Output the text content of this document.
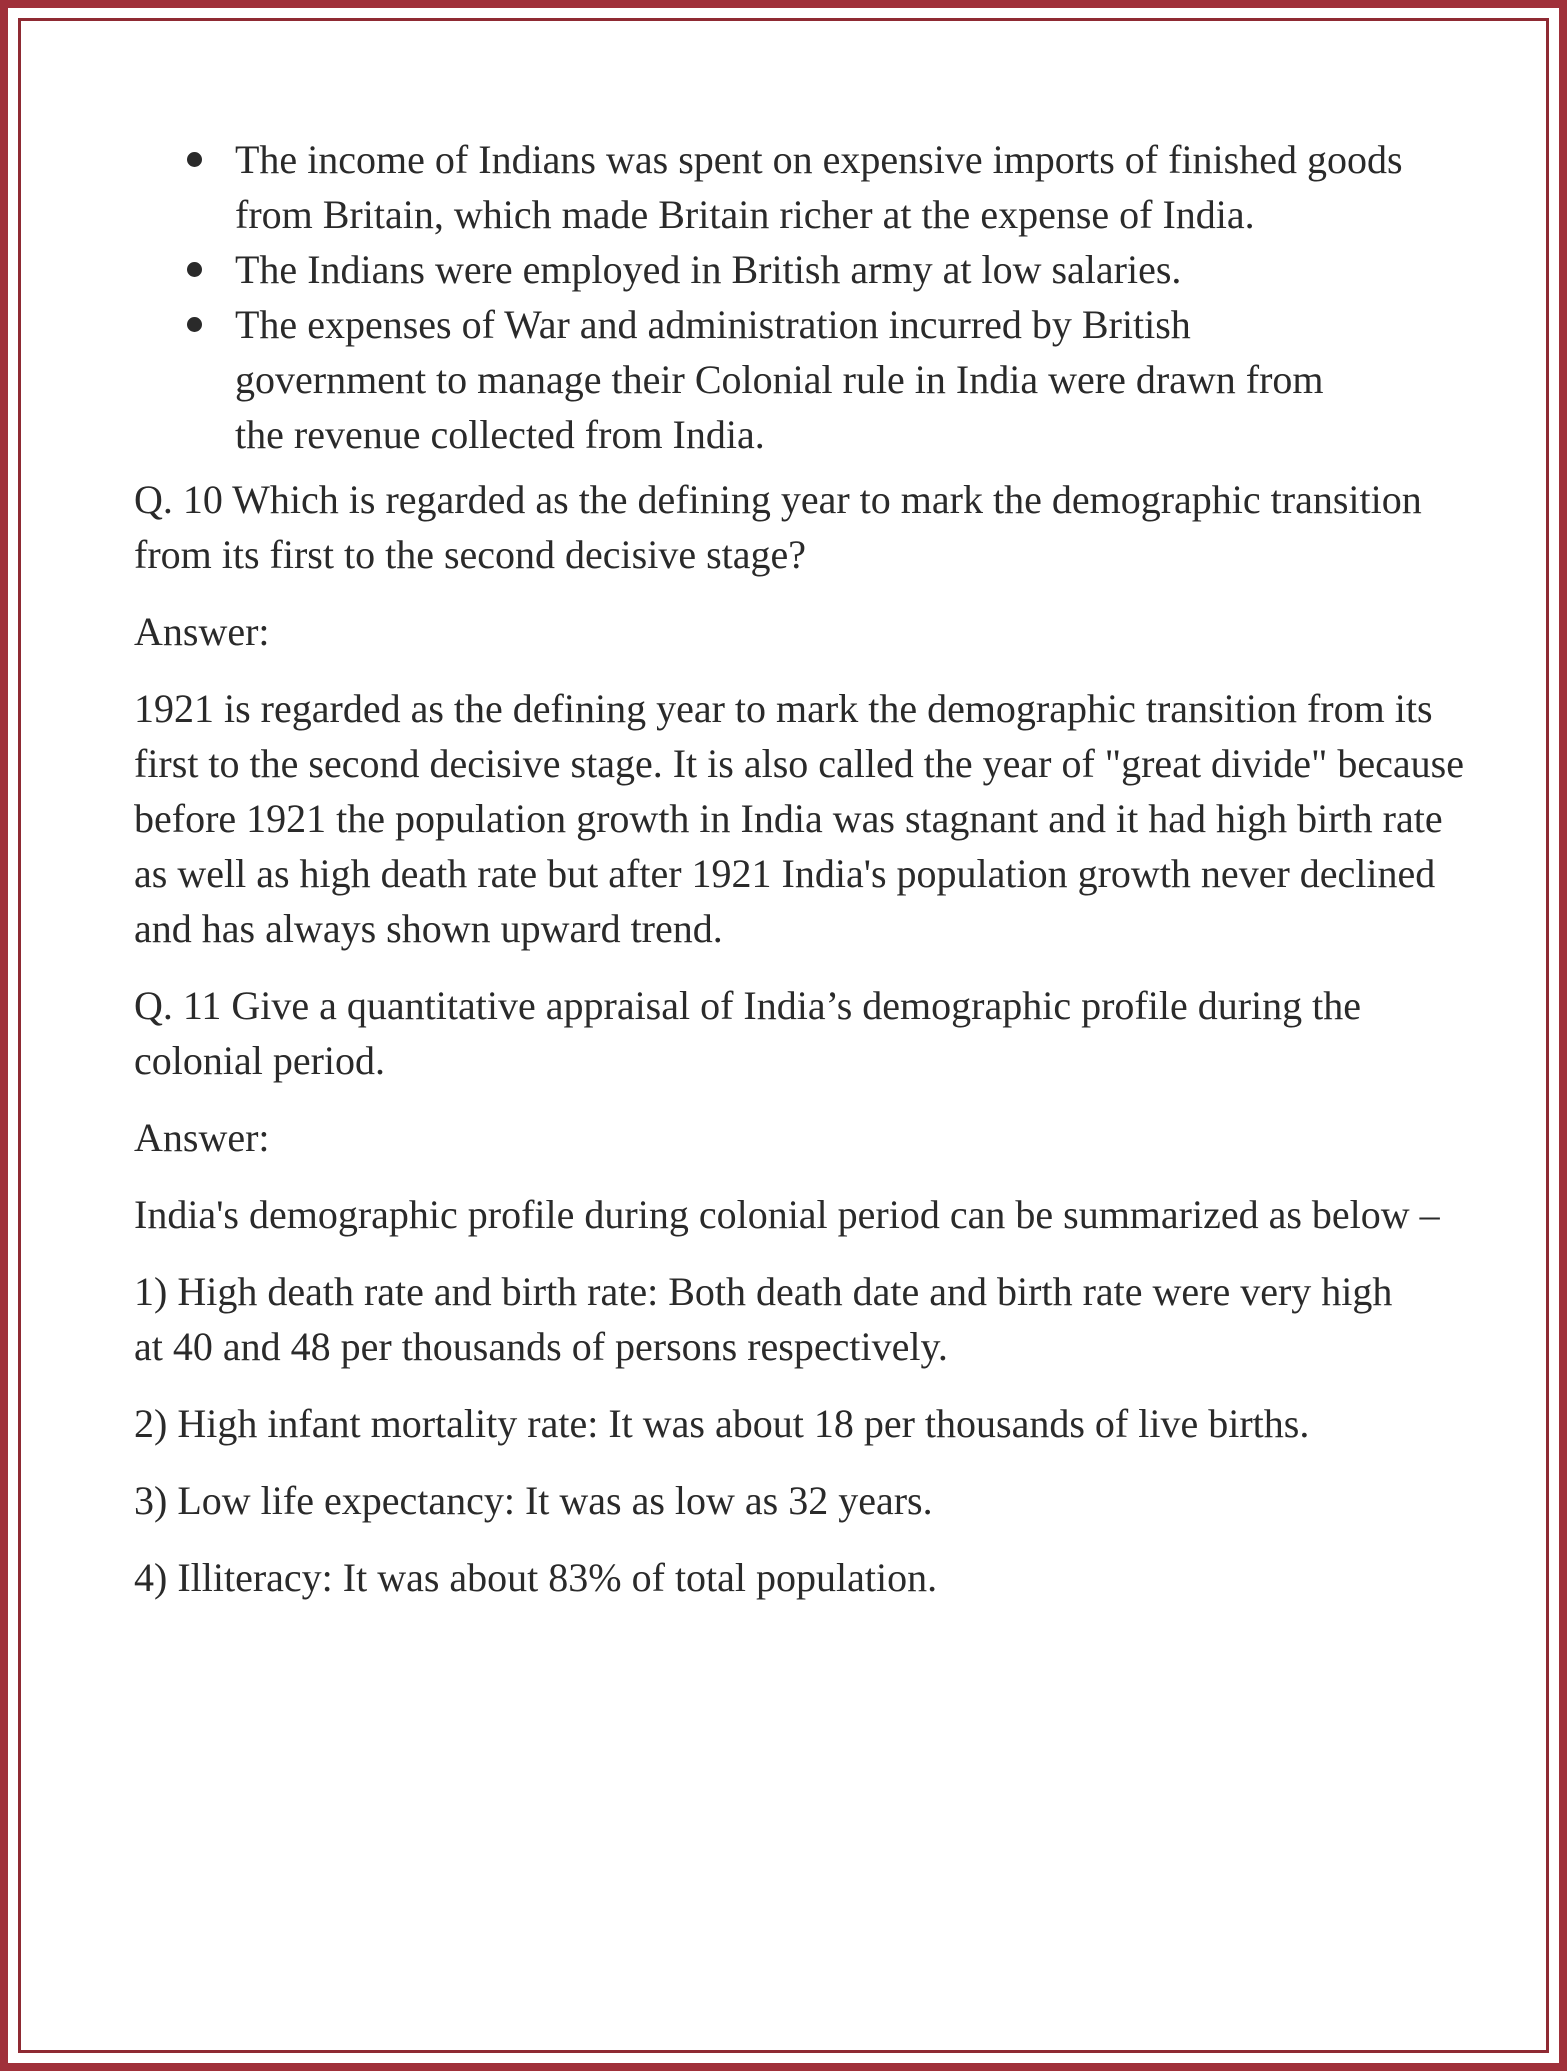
The income of Indians was spent on expensive imports of finished goods from Britain, which made Britain richer at the expense of India.
The Indians were employed in British army at low salaries.
The expenses of War and administration incurred by British government to manage their Colonial rule in India were drawn from the revenue collected from India.

Q. 10 Which is regarded as the defining year to mark the demographic transition from its first to the second decisive stage?

Answer:

1921 is regarded as the defining year to mark the demographic transition from its first to the second decisive stage. It is also called the year of "great divide" because before 1921 the population growth in India was stagnant and it had high birth rate as well as high death rate but after 1921 India's population growth never declined and has always shown upward trend.

Q. 11 Give a quantitative appraisal of India’s demographic profile during the colonial period.

Answer:

India's demographic profile during colonial period can be summarized as below –

1) High death rate and birth rate: Both death date and birth rate were very high at 40 and 48 per thousands of persons respectively.

2) High infant mortality rate: It was about 18 per thousands of live births.

3) Low life expectancy: It was as low as 32 years.

4) Illiteracy: It was about 83% of total population.
